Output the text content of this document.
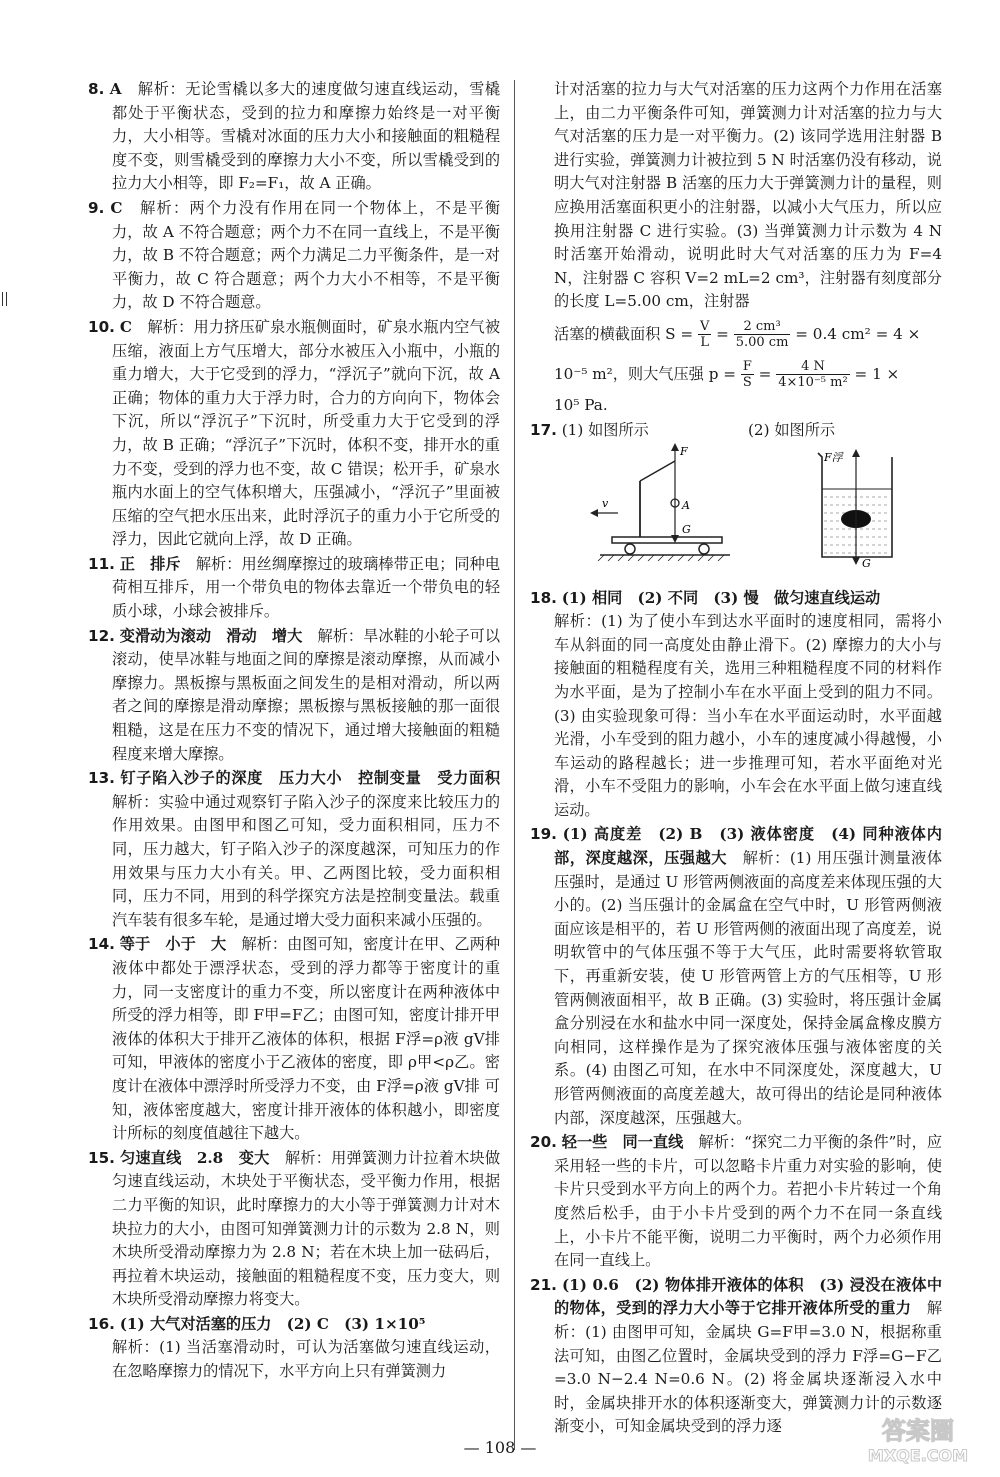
8. A　 解析：无论雪橇以多大的速度做匀速直线运动，雪橇都处于平衡状态，受到的拉力和摩擦力始终是一对平衡力，大小相等。雪橇对冰面的压力大小和接触面的粗糙程度不变，则雪橇受到的摩擦力大小不变，所以雪橇受到的拉力大小相等，即 F₂=F₁，故 A 正确。

9. C　 解析：两个力没有作用在同一个物体上，不是平衡力，故 A 不符合题意；两个力不在同一直线上，不是平衡力，故 B 不符合题意；两个力满足二力平衡条件，是一对平衡力，故 C 符合题意；两个力大小不相等，不是平衡力，故 D 不符合题意。

10. C　 解析：用力挤压矿泉水瓶侧面时，矿泉水瓶内空气被压缩，液面上方气压增大，部分水被压入小瓶中，小瓶的重力增大，大于它受到的浮力，“浮沉子”就向下沉，故 A 正确；物体的重力大于浮力时，合力的方向向下，物体会下沉，所以“浮沉子”下沉时，所受重力大于它受到的浮力，故 B 正确；“浮沉子”下沉时，体积不变，排开水的重力不变，受到的浮力也不变，故 C 错误；松开手，矿泉水瓶内水面上的空气体积增大，压强减小，“浮沉子”里面被压缩的空气把水压出来，此时浮沉子的重力小于它所受的浮力，因此它就向上浮，故 D 正确。

11. 正　排斥　 解析：用丝绸摩擦过的玻璃棒带正电；同种电荷相互排斥，用一个带负电的物体去靠近一个带负电的轻质小球，小球会被排斥。

12. 变滑动为滚动　滑动　增大　 解析：旱冰鞋的小轮子可以滚动，使旱冰鞋与地面之间的摩擦是滚动摩擦，从而减小摩擦力。黑板擦与黑板面之间发生的是相对滑动，所以两者之间的摩擦是滑动摩擦；黑板擦与黑板接触的那一面很粗糙，这是在压力不变的情况下，通过增大接触面的粗糙程度来增大摩擦。

13. 钉子陷入沙子的深度　压力大小　控制变量　受力面积　解析：实验中通过观察钉子陷入沙子的深度来比较压力的作用效果。由图甲和图乙可知，受力面积相同，压力不同，压力越大，钉子陷入沙子的深度越深，可知压力的作用效果与压力大小有关。甲、乙两图比较，受力面积相同，压力不同，用到的科学探究方法是控制变量法。载重汽车装有很多车轮，是通过增大受力面积来减小压强的。

14. 等于　小于　大　 解析：由图可知，密度计在甲、乙两种液体中都处于漂浮状态，受到的浮力都等于密度计的重力，同一支密度计的重力不变，所以密度计在两种液体中所受的浮力相等，即 F甲=F乙；由图可知，密度计排开甲液体的体积大于排开乙液体的体积，根据 F浮=ρ液 gV排 可知，甲液体的密度小于乙液体的密度，即 ρ甲<ρ乙。密度计在液体中漂浮时所受浮力不变，由 F浮=ρ液 gV排 可知，液体密度越大，密度计排开液体的体积越小，即密度计所标的刻度值越往下越大。

15. 匀速直线　2.8　变大　 解析：用弹簧测力计拉着木块做匀速直线运动，木块处于平衡状态，受平衡力作用，根据二力平衡的知识，此时摩擦力的大小等于弹簧测力计对木块拉力的大小，由图可知弹簧测力计的示数为 2.8 N，则木块所受滑动摩擦力为 2.8 N；若在木块上加一砝码后，再拉着木块运动，接触面的粗糙程度不变，压力变大，则木块所受滑动摩擦力将变大。

16. (1) 大气对活塞的压力　(2) C　(3) 1×10⁵
解析：(1) 当活塞滑动时，可认为活塞做匀速直线运动，在忽略摩擦力的情况下，水平方向上只有弹簧测力

计对活塞的拉力与大气对活塞的压力这两个力作用在活塞上，由二力平衡条件可知，弹簧测力计对活塞的拉力与大气对活塞的压力是一对平衡力。(2) 该同学选用注射器 B 进行实验，弹簧测力计被拉到 5 N 时活塞仍没有移动，说明大气对注射器 B 活塞的压力大于弹簧测力计的量程，则应换用活塞面积更小的注射器，以减小大气压力，所以应换用注射器 C 进行实验。(3) 当弹簧测力计示数为 4 N 时活塞开始滑动，说明此时大气对活塞的压力为 F=4 N，注射器 C 容积 V=2 mL=2 cm³，注射器有刻度部分的长度 L=5.00 cm，注射器
活塞的横截面积 $S = \frac{V}{L} = \frac{\text{2 cm³}}{5.00 cm} = 0.4$ cm² = 4 ×
10⁻⁵ m²，则大气压强 $p = \frac{F}{S} = \frac{4 N}{\text{4×10⁻⁵ m²}} = 1$ ×
10⁵ Pa.

17. (1) 如图所示	(2) 如图所示
F
A
G
v
F浮
G

18. (1) 相同　(2) 不同　(3) 慢　做匀速直线运动
解析：(1) 为了使小车到达水平面时的速度相同，需将小车从斜面的同一高度处由静止滑下。(2) 摩擦力的大小与接触面的粗糙程度有关，选用三种粗糙程度不同的材料作为水平面，是为了控制小车在水平面上受到的阻力不同。(3) 由实验现象可得：当小车在水平面运动时，水平面越光滑，小车受到的阻力越小，小车的速度减小得越慢，小车运动的路程越长；进一步推理可知，若水平面绝对光滑，小车不受阻力的影响，小车会在水平面上做匀速直线运动。

19. (1) 高度差　(2) B　(3) 液体密度　(4) 同种液体内部，深度越深，压强越大　 解析：(1) 用压强计测量液体压强时，是通过 U 形管两侧液面的高度差来体现压强的大小的。(2) 当压强计的金属盒在空气中时，U 形管两侧液面应该是相平的，若 U 形管两侧的液面出现了高度差，说明软管中的气体压强不等于大气压，此时需要将软管取下，再重新安装，使 U 形管两管上方的气压相等，U 形管两侧液面相平，故 B 正确。(3) 实验时，将压强计金属盒分别浸在水和盐水中同一深度处，保持金属盒橡皮膜方向相同，这样操作是为了探究液体压强与液体密度的关系。(4) 由图乙可知，在水中不同深度处，深度越大，U 形管两侧液面的高度差越大，故可得出的结论是同种液体内部，深度越深，压强越大。

20. 轻一些　同一直线　 解析：“探究二力平衡的条件”时，应采用轻一些的卡片，可以忽略卡片重力对实验的影响，使卡片只受到水平方向上的两个力。若把小卡片转过一个角度然后松手，由于小卡片受到的两个力不在同一条直线上，小卡片不能平衡，说明二力平衡时，两个力必须作用在同一直线上。

21. (1) 0.6　(2) 物体排开液体的体积　(3) 浸没在液体中的物体，受到的浮力大小等于它排开液体所受的重力　 解析：(1) 由图甲可知，金属块 G=F甲=3.0 N，根据称重法可知，由图乙位置时，金属块受到的浮力 F浮=G−F乙=3.0 N−2.4 N=0.6 N。(2) 将金属块逐渐浸入水中时，金属块排开水的体积逐渐变大，弹簧测力计的示数逐渐变小，可知金属块受到的浮力逐

— 108 —
答案圈
MXQE.COM
